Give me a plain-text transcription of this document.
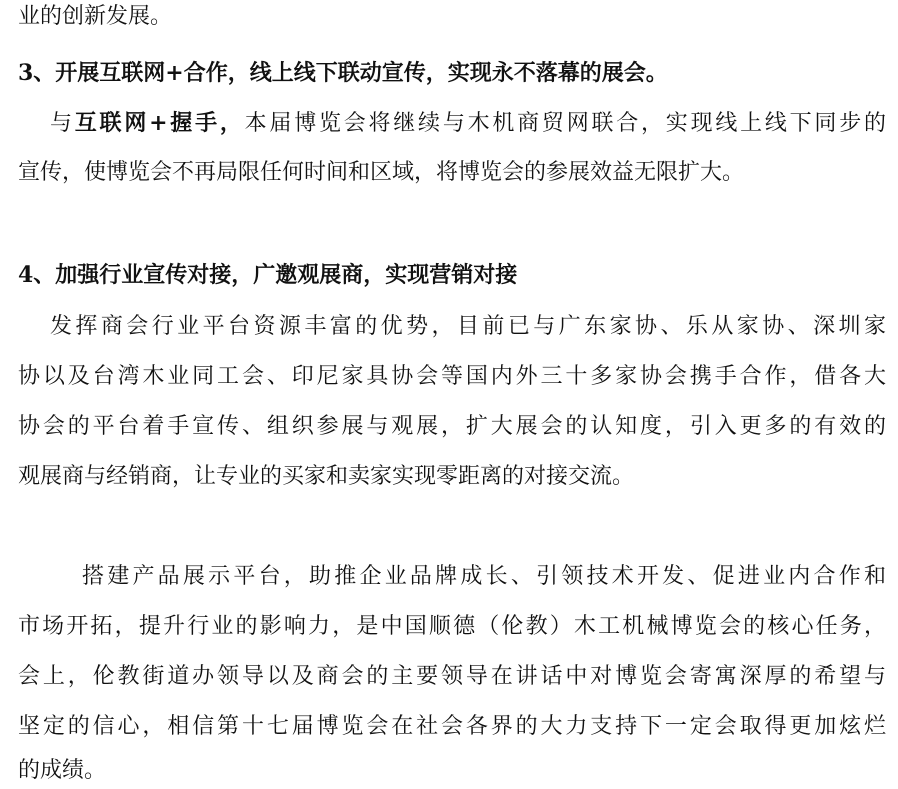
业的创新发展。
3、开展互联网+合作，线上线下联动宣传，实现永不落幕的展会。
与互联网+握手，本届博览会将继续与木机商贸网联合，实现线上线下同步的
宣传，使博览会不再局限任何时间和区域，将博览会的参展效益无限扩大。
4、加强行业宣传对接，广邀观展商，实现营销对接
发挥商会行业平台资源丰富的优势，目前已与广东家协、乐从家协、深圳家
协以及台湾木业同工会、印尼家具协会等国内外三十多家协会携手合作，借各大
协会的平台着手宣传、组织参展与观展，扩大展会的认知度，引入更多的有效的
观展商与经销商，让专业的买家和卖家实现零距离的对接交流。
搭建产品展示平台，助推企业品牌成长、引领技术开发、促进业内合作和
市场开拓，提升行业的影响力，是中国顺德（伦教）木工机械博览会的核心任务，
会上，伦教街道办领导以及商会的主要领导在讲话中对博览会寄寓深厚的希望与
坚定的信心，相信第十七届博览会在社会各界的大力支持下一定会取得更加炫烂
的成绩。
